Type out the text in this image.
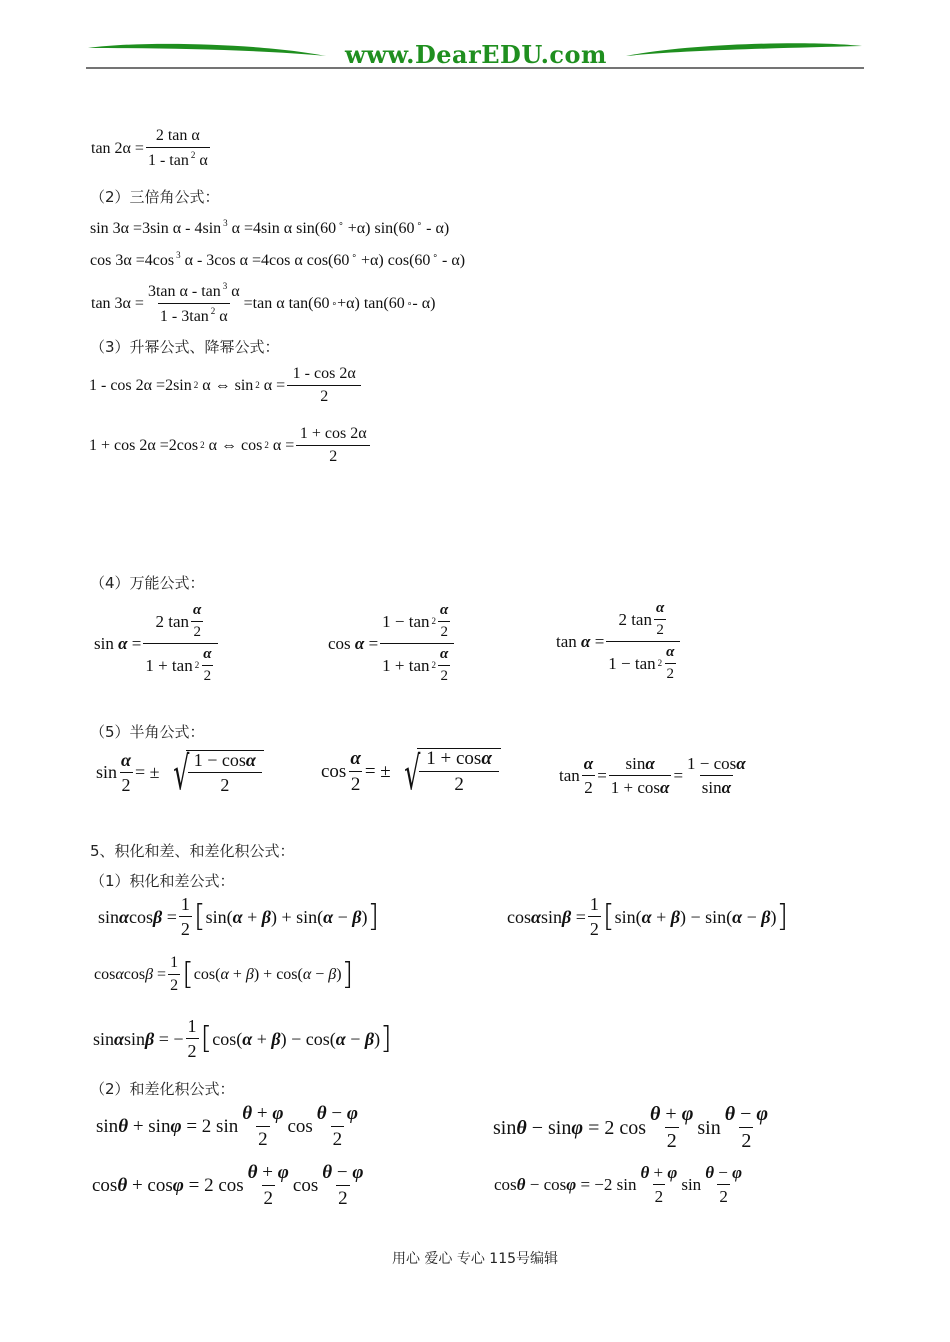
www.DearEDU.com
$\tan 2\alpha = \frac{\text{2 tan α}}{1 - \tan ^2 \alpha}$
（2）三倍角公式：
sin 3α =3sin α - 4sin $^3$ α =4sin α sin(60 ∘ +α) sin(60 ∘ - α)
cos 3α =4cos $^3$ α - 3cos α =4cos α cos(60 ∘ +α) cos(60 ∘ - α)
$\tan 3\alpha = \frac{3\tan \alpha - \tan ^3 \alpha}{1 - 3\tan ^2 \alpha} =\tan$ α tan(60 ∘ +α) tan(60 ∘ - α)
（3）升幂公式、降幂公式：
1 - cos 2α =2sin 2
α ⇔ sin 2
$\alpha = \frac{1 - \cos 2\alpha}{2}$
1 + cos 2α =2cos 2
α ⇔ cos 2
$\alpha = \frac{1 + \cos 2\alpha}{2}$
（4）万能公式：
$\sin \alpha = \frac{2 \tan \frac{\alpha}{2}}{1 + \tan 2 \frac{\alpha}{2}}$	$\cos \alpha = \frac{1 - \tan 2 \frac{\alpha}{2}}{1 + \tan 2 \frac{\alpha}{2}}$	$\tan \alpha = \frac{2 \tan \frac{\alpha}{2}}{1 - \tan 2 \frac{\alpha}{2}}$
（5）半角公式：
$\sin \frac{\alpha}{2}$ = ± √ $\frac{1 - \cos\alpha}{2}$	$\cos \frac{\alpha}{2}$ = ± √ $\frac{1 + \cos\alpha}{2}$	$\tan \frac{\alpha}{2} = \frac{\sin\alpha}{1 + \cos\alpha} = \frac{1 - \cos\alpha}{\sin\alpha}$
5、积化和差、和差化积公式：
（1）积化和差公式：
$\sin\alpha\cos\beta = \frac{1}{2}$ [ sin(α + β) + sin(α − β) ]	$\cos\alpha\sin\beta = \frac{1}{2}$ [ sin(α + β) − sin(α − β) ]
$\cos\alpha\cos\beta = \frac{1}{2}$ [ cos(α + β) + cos(α − β) ]
sinαsinβ = − $\frac{1}{2}$ [ cos(α + β) − cos(α − β) ]
（2）和差化积公式：
sinθ + sinφ = 2 $\sin \frac{\theta + \varphi}{2}$ $\cos \frac{\theta - \varphi}{2}$	sinθ − sinφ = 2 $\cos \frac{\theta + \varphi}{2}$ $\sin \frac{\theta - \varphi}{2}$
cosθ + cosφ = 2 $\cos \frac{\theta + \varphi}{2}$ $\cos \frac{\theta - \varphi}{2}$	cosθ − cosφ = −2 $\sin \frac{\theta + \varphi}{2}$ $\sin \frac{\theta - \varphi}{2}$
用心 爱心 专心 115号编辑
